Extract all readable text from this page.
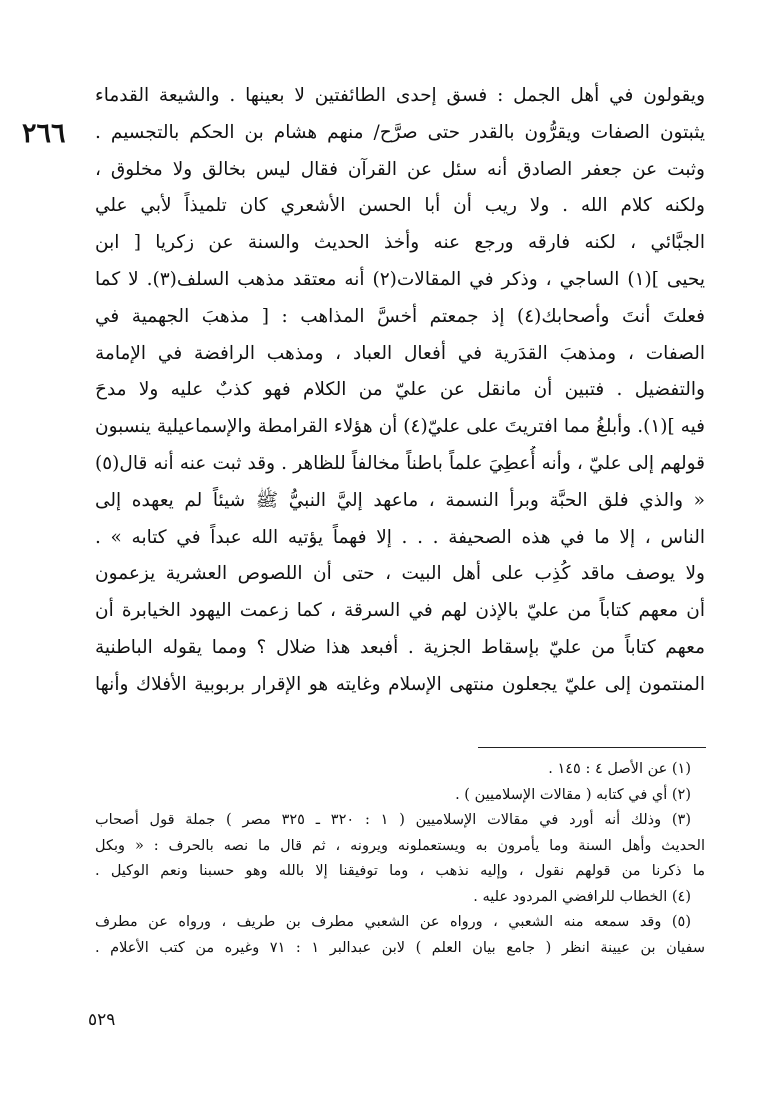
٢٦٦
ويقولون في أهل الجمل : فسق إحدى الطائفتين لا بعينها . والشيعة القدماء
يثبتون الصفات ويقرُّون بالقدر حتى صرَّح/ منهم هشام بن الحكم بالتجسيم .
وثبت عن جعفر الصادق أنه سئل عن القرآن فقال ليس بخالق ولا مخلوق ،
ولكنه كلام الله . ولا ريب أن أبا الحسن الأشعري كان تلميذاً لأبي علي
الجبَّائي ، لكنه فارقه ورجع عنه وأخذ الحديث والسنة عن زكريا [ ابن
يحيى ](١) الساجي ، وذكر في المقالات(٢) أنه معتقد مذهب السلف(٣). لا كما
فعلتَ أنتَ وأصحابك(٤) إذ جمعتم أخسَّ المذاهب : [ مذهبَ الجهمية في
الصفات ، ومذهبَ القدَرية في أفعال العباد ، ومذهب الرافضة في الإمامة
والتفضيل . فتبين أن مانقل عن عليّ من الكلام فهو كذبٌ عليه ولا مدحَ
فيه ](١). وأبلغُ مما افتريتَ على عليّ(٤) أن هؤلاء القرامطة والإسماعيلية ينسبون
قولهم إلى عليّ ، وأنه أُعطِيَ علماً باطناً مخالفاً للظاهر . وقد ثبت عنه أنه قال(٥)
« والذي فلق الحبَّة وبرأ النسمة ، ماعهد إليَّ النبيُّ ﷺ شيئاً لم يعهده إلى
الناس ، إلا ما في هذه الصحيفة . . . إلا فهماً يؤتيه الله عبداً في كتابه » .
ولا يوصف ماقد كُذِب على أهل البيت ، حتى أن اللصوص العشرية يزعمون
أن معهم كتاباً من عليّ بالإذن لهم في السرقة ، كما زعمت اليهود الخيابرة أن
معهم كتاباً من عليّ بإسقاط الجزية . أفبعد هذا ضلال ؟ ومما يقوله الباطنية
المنتمون إلى عليّ يجعلون منتهى الإسلام وغايته هو الإقرار بربوبية الأفلاك وأنها
(١) عن الأصل ٤ : ١٤٥ .
(٢) أي في كتابه ( مقالات الإسلاميين ) .
(٣) وذلك أنه أورد في مقالات الإسلاميين ( ١ : ٣٢٠ ـ ٣٢٥ مصر ) جملة قول أصحاب
الحديث وأهل السنة وما يأمرون به ويستعملونه ويرونه ، ثم قال ما نصه بالحرف : « وبكل
ما ذكرنا من قولهم نقول ، وإليه نذهب ، وما توفيقنا إلا بالله وهو حسبنا ونعم الوكيل .
(٤) الخطاب للرافضي المردود عليه .
(٥) وقد سمعه منه الشعبي ، ورواه عن الشعبي مطرف بن طريف ، ورواه عن مطرف
سفيان بن عيينة انظر ( جامع بيان العلم ) لابن عبدالبر ١ : ٧١ وغيره من كتب الأعلام .
٥٢٩
